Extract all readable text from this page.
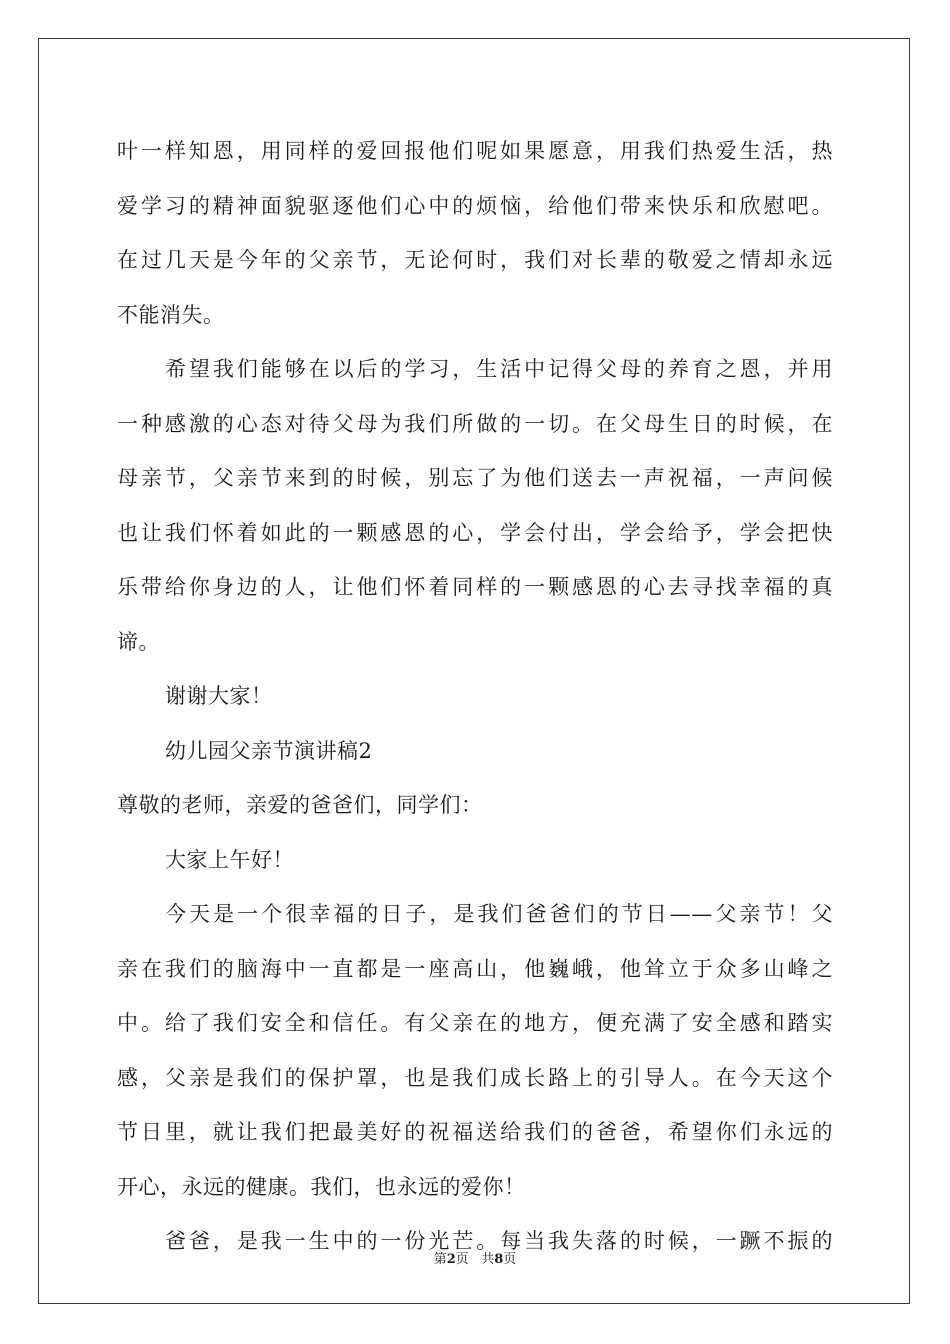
叶一样知恩，用同样的爱回报他们呢如果愿意，用我们热爱生活，热
爱学习的精神面貌驱逐他们心中的烦恼，给他们带来快乐和欣慰吧。
在过几天是今年的父亲节，无论何时，我们对长辈的敬爱之情却永远
不能消失。
希望我们能够在以后的学习，生活中记得父母的养育之恩，并用
一种感激的心态对待父母为我们所做的一切。在父母生日的时候，在
母亲节，父亲节来到的时候，别忘了为他们送去一声祝福，一声问候
也让我们怀着如此的一颗感恩的心，学会付出，学会给予，学会把快
乐带给你身边的人，让他们怀着同样的一颗感恩的心去寻找幸福的真
谛。
谢谢大家！
幼儿园父亲节演讲稿2
尊敬的老师，亲爱的爸爸们，同学们：
大家上午好！
今天是一个很幸福的日子，是我们爸爸们的节日——父亲节！父
亲在我们的脑海中一直都是一座高山，他巍峨，他耸立于众多山峰之
中。给了我们安全和信任。有父亲在的地方，便充满了安全感和踏实
感，父亲是我们的保护罩，也是我们成长路上的引导人。在今天这个
节日里，就让我们把最美好的祝福送给我们的爸爸，希望你们永远的
开心，永远的健康。我们，也永远的爱你！
爸爸，是我一生中的一份光芒。每当我失落的时候，一蹶不振的
第2页 共8页
